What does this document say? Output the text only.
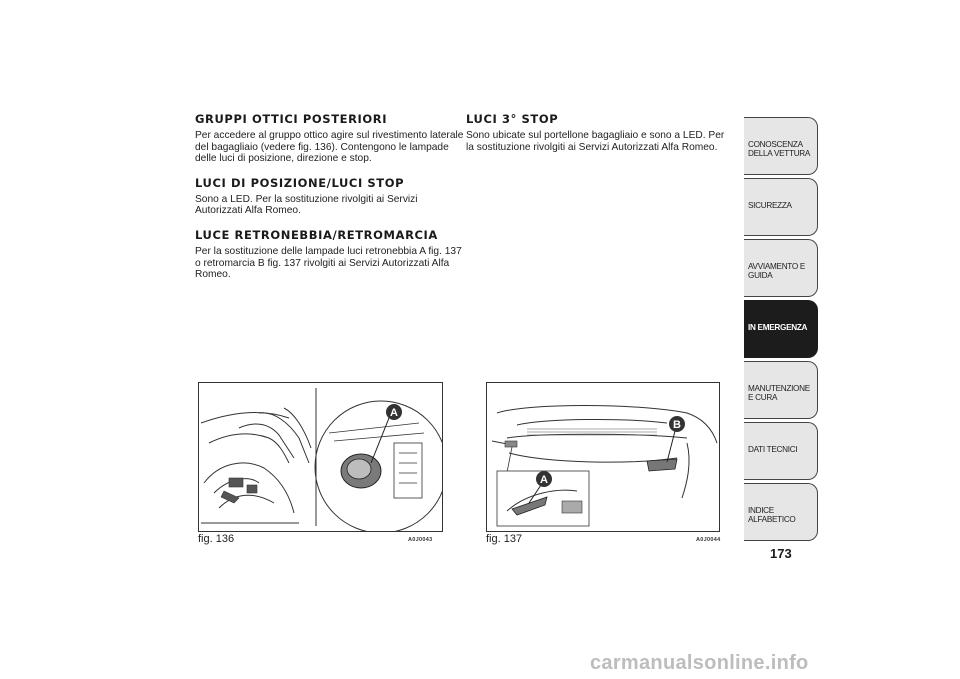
GRUPPI OTTICI POSTERIORI

Per accedere al gruppo ottico agire sul rivestimento laterale del bagagliaio (vedere fig. 136). Contengono le lampade delle luci di posizione, direzione e stop.

LUCI DI POSIZIONE/LUCI STOP

Sono a LED. Per la sostituzione rivolgiti ai Servizi Autorizzati Alfa Romeo.

LUCE RETRONEBBIA/RETROMARCIA

Per la sostituzione delle lampade luci retronebbia A fig. 137 o retromarcia B fig. 137 rivolgiti ai Servizi Autorizzati Alfa Romeo.

LUCI 3° STOP

Sono ubicate sul portellone bagagliaio e sono a LED. Per la sostituzione rivolgiti ai Servizi Autorizzati Alfa Romeo.

A
fig. 136	A0J0043
B
A
fig. 137	A0J0044
CONOSCENZA DELLA VETTURA
SICUREZZA
AVVIAMENTO E GUIDA
IN EMERGENZA
MANUTENZIONE E CURA
DATI TECNICI
INDICE ALFABETICO
173
carmanualsonline.info
